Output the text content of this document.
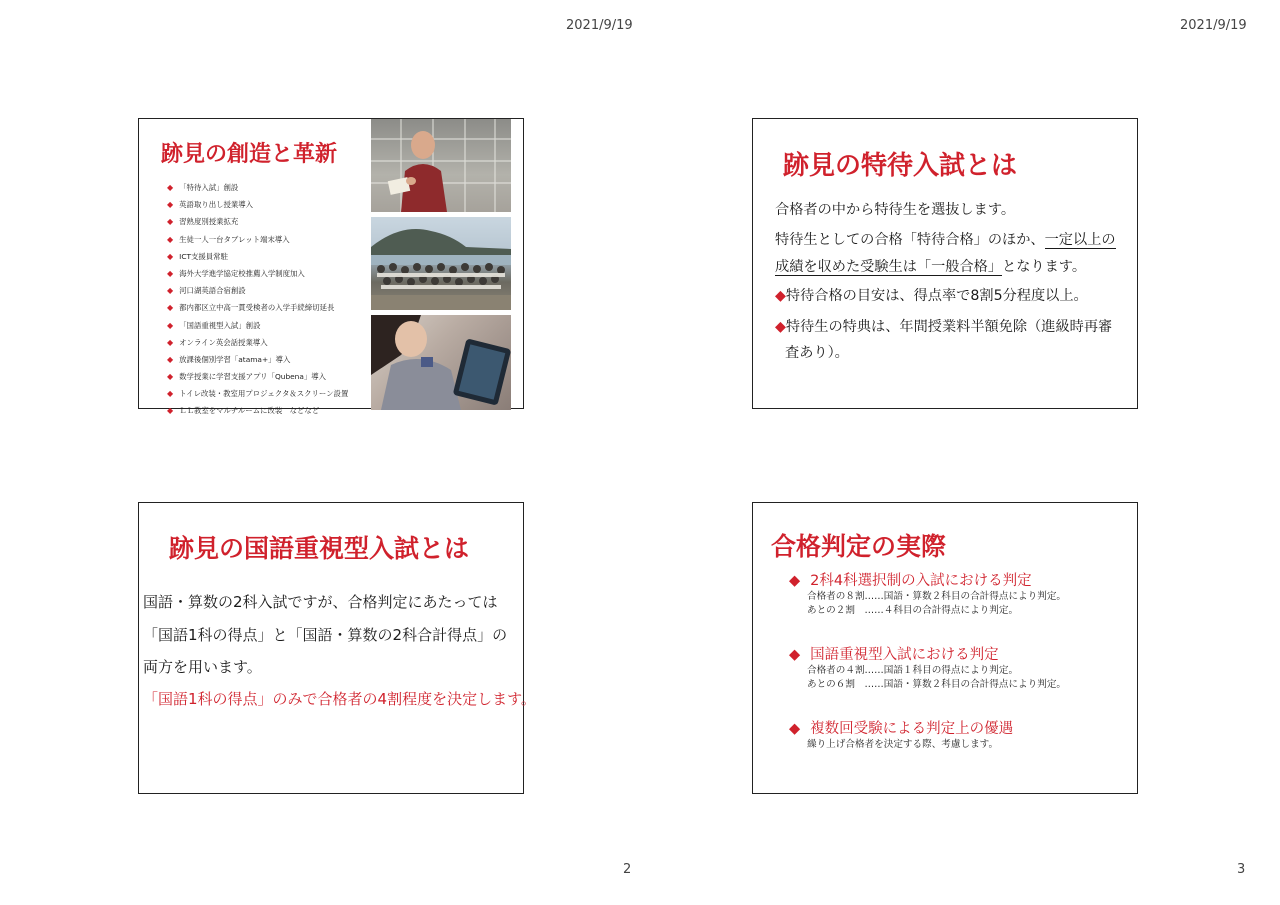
2021/9/19	2021/9/19
跡見の創造と革新
◆ 「特待入試」創設
◆ 英語取り出し授業導入
◆ 習熟度別授業拡充
◆ 生徒一人一台タブレット端末導入
◆ ICT支援員常駐
◆ 海外大学進学協定校推薦入学制度加入
◆ 河口湖英語合宿創設
◆ 都内都区立中高一貫受検者の入学手続締切延長
◆ 「国語重視型入試」創設
◆ オンライン英会話授業導入
◆ 放課後個別学習「atama+」導入
◆ 数学授業に学習支援アプリ「Qubena」導入
◆ トイレ改装・教室用プロジェクタ＆スクリーン設置
◆ ＬＬ教室をマルチルームに改装　などなど
跡見の特待入試とは
合格者の中から特待生を選抜します。
特待生としての合格「特待合格」のほか、一定以上の
成績を収めた受験生は「一般合格」となります。
◆特待合格の目安は、得点率で8割5分程度以上。
◆特待生の特典は、年間授業料半額免除（進級時再審
査あり）。
跡見の国語重視型入試とは
国語・算数の2科入試ですが、合格判定にあたっては
「国語1科の得点」と「国語・算数の2科合計得点」の
両方を用います。
「国語1科の得点」のみで合格者の4割程度を決定します。
合格判定の実際
◆ 2科4科選択制の入試における判定
合格者の８割……国語・算数２科目の合計得点により判定。
あとの２割　……４科目の合計得点により判定。
◆ 国語重視型入試における判定
合格者の４割……国語１科目の得点により判定。
あとの６割　……国語・算数２科目の合計得点により判定。
◆ 複数回受験による判定上の優遇
繰り上げ合格者を決定する際、考慮します。
2	3
